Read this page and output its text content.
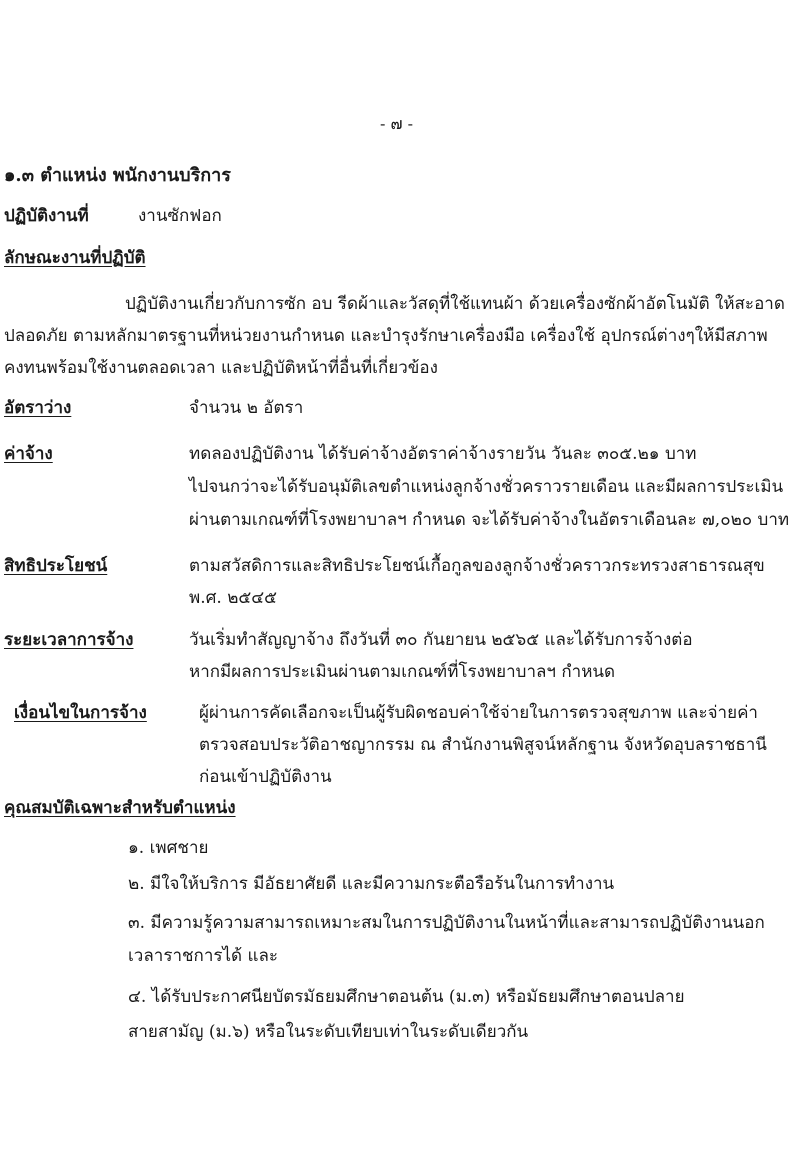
- ๗ -
๑.๓ ตำแหน่ง พนักงานบริการ
ปฏิบัติงานที่	งานซักฟอก
ลักษณะงานที่ปฏิบัติ
ปฏิบัติงานเกี่ยวกับการซัก อบ รีดผ้าและวัสดุที่ใช้แทนผ้า ด้วยเครื่องซักผ้าอัตโนมัติ ให้สะอาด
ปลอดภัย ตามหลักมาตรฐานที่หน่วยงานกำหนด และบำรุงรักษาเครื่องมือ เครื่องใช้ อุปกรณ์ต่างๆให้มีสภาพ
คงทนพร้อมใช้งานตลอดเวลา และปฏิบัติหน้าที่อื่นที่เกี่ยวข้อง
อัตราว่าง	จำนวน ๒ อัตรา
ค่าจ้าง	ทดลองปฏิบัติงาน ได้รับค่าจ้างอัตราค่าจ้างรายวัน วันละ ๓๐๕.๒๑ บาท
ไปจนกว่าจะได้รับอนุมัติเลขตำแหน่งลูกจ้างชั่วคราวรายเดือน และมีผลการประเมิน
ผ่านตามเกณฑ์ที่โรงพยาบาลฯ กำหนด จะได้รับค่าจ้างในอัตราเดือนละ ๗,๐๒๐ บาท
สิทธิประโยชน์	ตามสวัสดิการและสิทธิประโยชน์เกื้อกูลของลูกจ้างชั่วคราวกระทรวงสาธารณสุข
พ.ศ. ๒๕๔๕
ระยะเวลาการจ้าง	วันเริ่มทำสัญญาจ้าง ถึงวันที่ ๓๐ กันยายน ๒๕๖๕ และได้รับการจ้างต่อ
หากมีผลการประเมินผ่านตามเกณฑ์ที่โรงพยาบาลฯ กำหนด
เงื่อนไขในการจ้าง	ผู้ผ่านการคัดเลือกจะเป็นผู้รับผิดชอบค่าใช้จ่ายในการตรวจสุขภาพ และจ่ายค่า
ตรวจสอบประวัติอาชญากรรม ณ สำนักงานพิสูจน์หลักฐาน จังหวัดอุบลราชธานี
ก่อนเข้าปฏิบัติงาน
คุณสมบัติเฉพาะสำหรับตำแหน่ง
๑. เพศชาย
๒. มีใจให้บริการ มีอัธยาศัยดี และมีความกระตือรือร้นในการทำงาน
๓. มีความรู้ความสามารถเหมาะสมในการปฏิบัติงานในหน้าที่และสามารถปฏิบัติงานนอก
เวลาราชการได้ และ
๔. ได้รับประกาศนียบัตรมัธยมศึกษาตอนต้น (ม.๓) หรือมัธยมศึกษาตอนปลาย
สายสามัญ (ม.๖) หรือในระดับเทียบเท่าในระดับเดียวกัน
